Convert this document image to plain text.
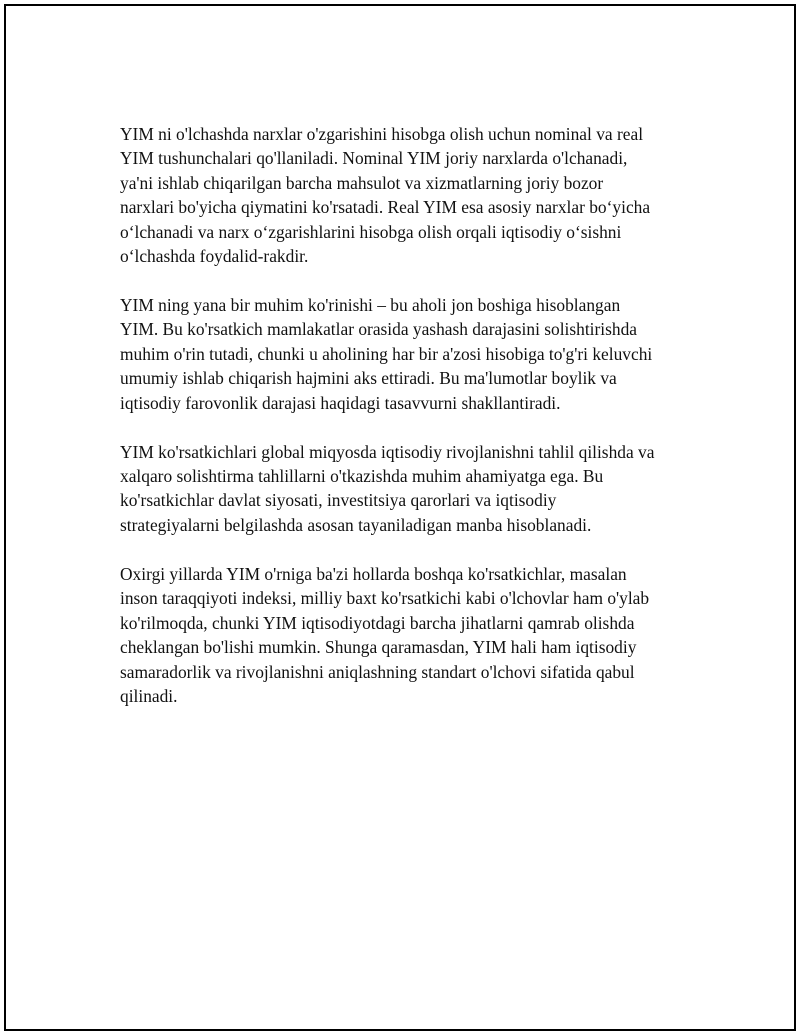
YIM ni o'lchashda narxlar o'zgarishini hisobga olish uchun nominal va real
YIM tushunchalari qo'llaniladi. Nominal YIM joriy narxlarda o'lchanadi,
ya'ni ishlab chiqarilgan barcha mahsulot va xizmatlarning joriy bozor
narxlari bo'yicha qiymatini ko'rsatadi. Real YIM esa asosiy narxlar bo‘yicha
o‘lchanadi va narx o‘zgarishlarini hisobga olish orqali iqtisodiy o‘sishni
o‘lchashda foydalid-rakdir.

YIM ning yana bir muhim ko'rinishi – bu aholi jon boshiga hisoblangan
YIM. Bu ko'rsatkich mamlakatlar orasida yashash darajasini solishtirishda
muhim o'rin tutadi, chunki u aholining har bir a'zosi hisobiga to'g'ri keluvchi
umumiy ishlab chiqarish hajmini aks ettiradi. Bu ma'lumotlar boylik va
iqtisodiy farovonlik darajasi haqidagi tasavvurni shakllantiradi.

YIM ko'rsatkichlari global miqyosda iqtisodiy rivojlanishni tahlil qilishda va
xalqaro solishtirma tahlillarni o'tkazishda muhim ahamiyatga ega. Bu
ko'rsatkichlar davlat siyosati, investitsiya qarorlari va iqtisodiy
strategiyalarni belgilashda asosan tayaniladigan manba hisoblanadi.

Oxirgi yillarda YIM o'rniga ba'zi hollarda boshqa ko'rsatkichlar, masalan
inson taraqqiyoti indeksi, milliy baxt ko'rsatkichi kabi o'lchovlar ham o'ylab
ko'rilmoqda, chunki YIM iqtisodiyotdagi barcha jihatlarni qamrab olishda
cheklangan bo'lishi mumkin. Shunga qaramasdan, YIM hali ham iqtisodiy
samaradorlik va rivojlanishni aniqlashning standart o'lchovi sifatida qabul
qilinadi.
